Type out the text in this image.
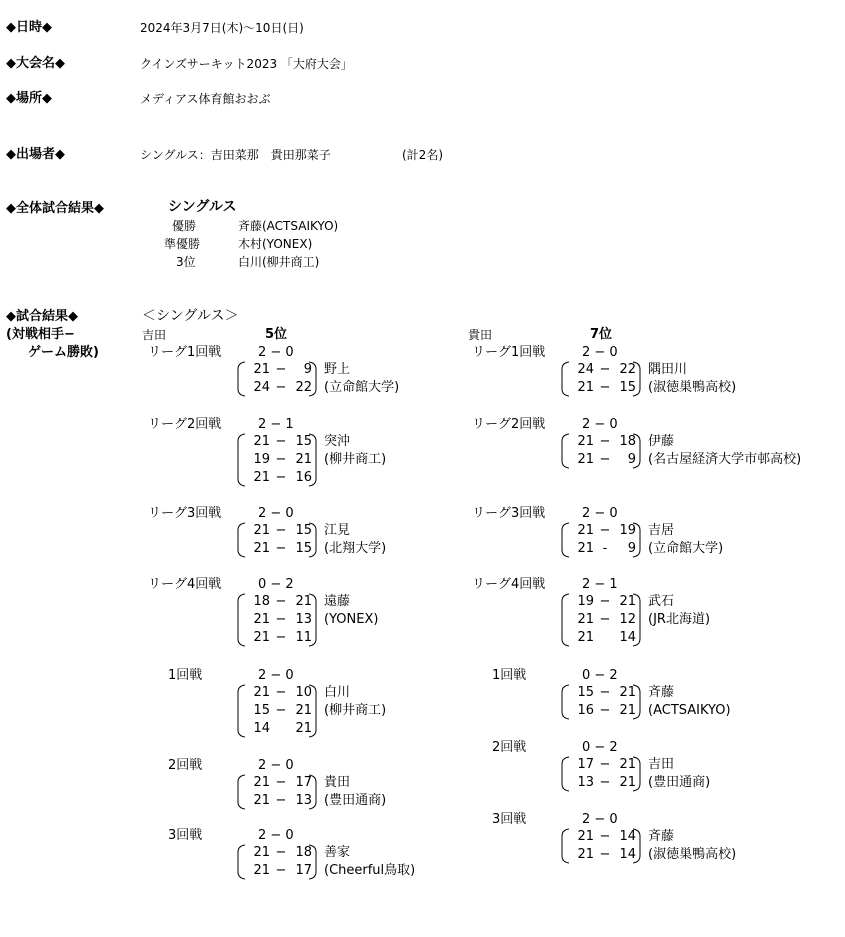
◆日時◆	2024年3月7日(木)〜10日(日)
◆大会名◆	クインズサーキット2023 「大府大会」
◆場所◆	メディアス体育館おおぶ
◆出場者◆	シングルス：吉田菜那　貴田那菜子	(計2名)
◆全体試合結果◆	シングルス
優勝	斉藤(ACTSAIKYO)
準優勝	木村(YONEX)
3位	白川(柳井商工)
◆試合結果◆
(対戦相手−
ゲーム勝敗)
＜シングルス＞
吉田	5位	貴田	7位
リーグ1回戦	2 − 0
21 − 9
24 − 22
野上
(立命館大学)
リーグ2回戦	2 − 1
21 − 15
19 − 21
21 − 16
突沖
(柳井商工)
リーグ3回戦	2 − 0
21 − 15
21 − 15
江見
(北翔大学)
リーグ4回戦	0 − 2
18 − 21
21 − 13
21 − 11
遠藤
(YONEX)
1回戦	2 − 0
21 − 10
15 − 21
14 21
白川
(柳井商工)
2回戦	2 − 0
21 − 17
21 − 13
貴田
(豊田通商)
3回戦	2 − 0
21 − 18
21 − 17
善家
(Cheerful鳥取)
リーグ1回戦	2 − 0
24 − 22
21 − 15
隅田川
(淑徳巣鴨高校)
リーグ2回戦	2 − 0
21 − 18
21 − 9
伊藤
(名古屋経済大学市邨高校)
リーグ3回戦	2 − 0
21 − 19
21 - 9
吉居
(立命館大学)
リーグ4回戦	2 − 1
19 − 21
21 − 12
21 14
武石
(JR北海道)
1回戦	0 − 2
15 − 21
16 − 21
斉藤
(ACTSAIKYO)
2回戦	0 − 2
17 − 21
13 − 21
吉田
(豊田通商)
3回戦	2 − 0
21 − 14
21 − 14
斉藤
(淑徳巣鴨高校)
